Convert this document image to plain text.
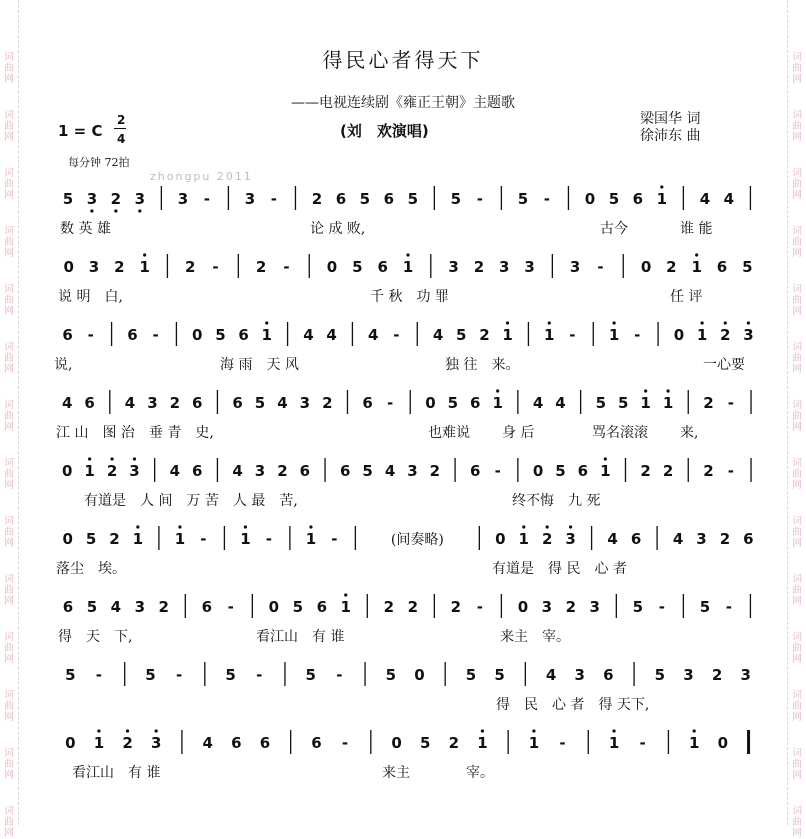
词
曲
网
词
曲
网
词
曲
网
词
曲
网
词
曲
网
词
曲
网
词
曲
网
词
曲
网
词
曲
网
词
曲
网
词
曲
网
词
曲
网
词
曲
网
词
曲
网
词
曲
网
词
曲
网
词
曲
网
词
曲
网
词
曲
网
词
曲
网
词
曲
网
词
曲
网
词
曲
网
词
曲
网
词
曲
网
词
曲
网
词
曲
网
词
曲
网
得民心者得天下
——电视连续剧《雍正王朝》主题歌
1 = C
2
4	(刘　欢演唱)
梁国华 词
徐沛东 曲
每分钟 72拍
zhongpu 2011
5 3 2 3 3 - 3 - 2 6 5 6 5 5 - 5 - 0 5 6 1 4 4
数 英 雄	论 成 败,	古今	谁 能
0 3 2 1 2 - 2 - 0 5 6 1 3 2 3 3 3 - 0 2 1 6 5
说 明　白,	千 秋　功 罪	任 评
6 - 6 - 0 5 6 1 4 4 4 - 4 5 2 1 1 - 1 - 0 1 2 3
说,	海 雨　天 风	独 往　来。	一心要
4 6 4 3 2 6 6 5 4 3 2 6 - 0 5 6 1 4 4 5 5 1 1 2 -
江 山　图 治　垂 青　史,	也难说 身 后	骂名滚滚 来,
0 1 2 3 4 6 4 3 2 6 6 5 4 3 2 6 - 0 5 6 1 2 2 2 -
有道是　人 间　万 苦　人 最　苦,	终不悔　九 死
0 5 2 1 1 - 1 - 1 -	(间奏略)	0 1 2 3 4 6 4 3 2 6
落尘　埃。	有道是　得 民　心 者
6 5 4 3 2 6 - 0 5 6 1 2 2 2 - 0 3 2 3 5 - 5 -
得　天　下,	看江山　有 谁	来主　宰。
5 -	5 -	5 -	5 -	5 0	5 5	4 3 6	5 3 2 3
得　民　心 者　得 天下,
0 1 2 3	4 6 6	6 -	0 5 2 1	1 -	1 -	1 0
看江山　有 谁	来主	宰。
